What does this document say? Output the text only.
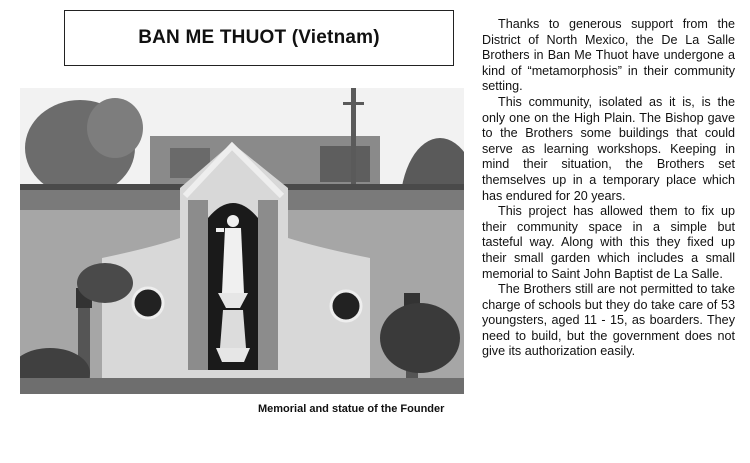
BAN ME THUOT (Vietnam)
Memorial and statue of the Founder

Thanks to generous support from the District of North Mexico, the De La Salle Brothers in Ban Me Thuot have undergone a kind of “metamorphosis” in their community setting.

This community, isolated as it is, is the only one on the High Plain. The Bishop gave to the Brothers some buildings that could serve as learning workshops. Keeping in mind their situation, the Brothers set themselves up in a temporary place which has endured for 20 years.

This project has allowed them to fix up their community space in a simple but tasteful way. Along with this they fixed up their small garden which includes a small memorial to Saint John Baptist de La Salle.

The Brothers still are not permitted to take charge of schools but they do take care of 53 youngsters, aged 11 - 15, as boarders. They need to build, but the government does not give its authorization easily.
